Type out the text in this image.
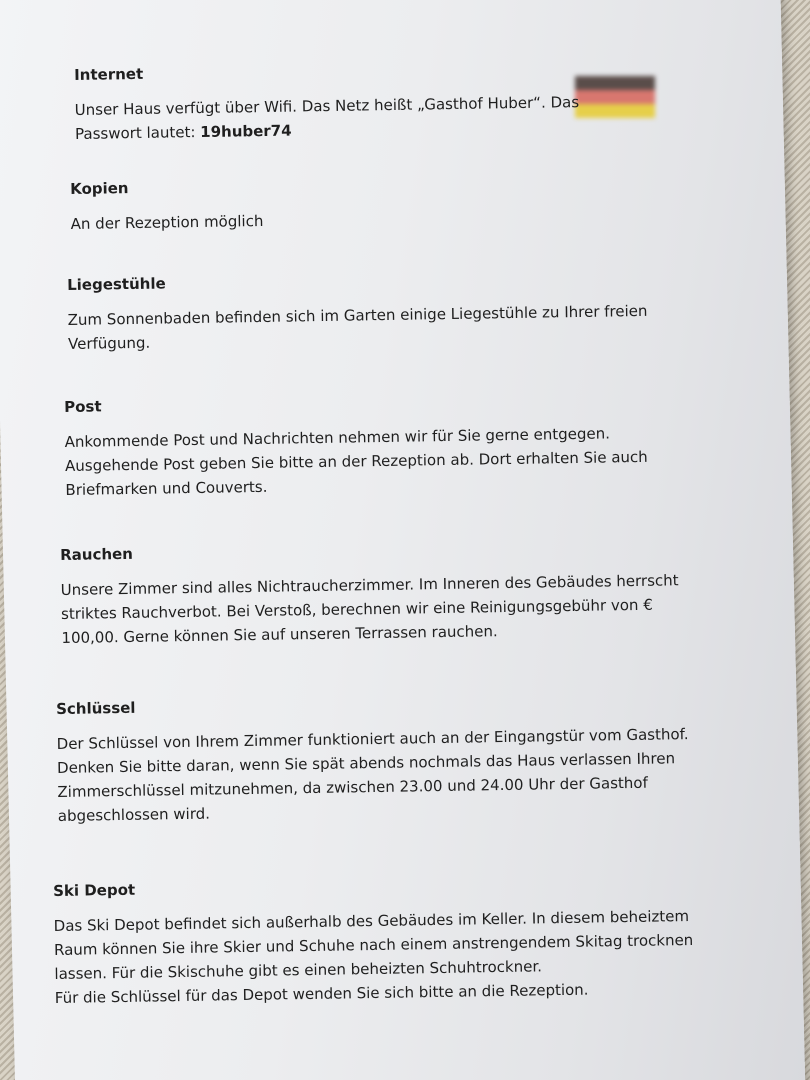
Internet

Unser Haus verfügt über Wifi. Das Netz heißt „Gasthof Huber“. Das
Passwort lautet: 19huber74

Kopien

An der Rezeption möglich

Liegestühle

Zum Sonnenbaden befinden sich im Garten einige Liegestühle zu Ihrer freien
Verfügung.

Post

Ankommende Post und Nachrichten nehmen wir für Sie gerne entgegen.
Ausgehende Post geben Sie bitte an der Rezeption ab. Dort erhalten Sie auch
Briefmarken und Couverts.

Rauchen

Unsere Zimmer sind alles Nichtraucherzimmer. Im Inneren des Gebäudes herrscht
striktes Rauchverbot. Bei Verstoß, berechnen wir eine Reinigungsgebühr von €
100,00. Gerne können Sie auf unseren Terrassen rauchen.

Schlüssel

Der Schlüssel von Ihrem Zimmer funktioniert auch an der Eingangstür vom Gasthof.
Denken Sie bitte daran, wenn Sie spät abends nochmals das Haus verlassen Ihren
Zimmerschlüssel mitzunehmen, da zwischen 23.00 und 24.00 Uhr der Gasthof
abgeschlossen wird.

Ski Depot

Das Ski Depot befindet sich außerhalb des Gebäudes im Keller. In diesem beheiztem
Raum können Sie ihre Skier und Schuhe nach einem anstrengendem Skitag trocknen
lassen. Für die Skischuhe gibt es einen beheizten Schuhtrockner.
Für die Schlüssel für das Depot wenden Sie sich bitte an die Rezeption.
